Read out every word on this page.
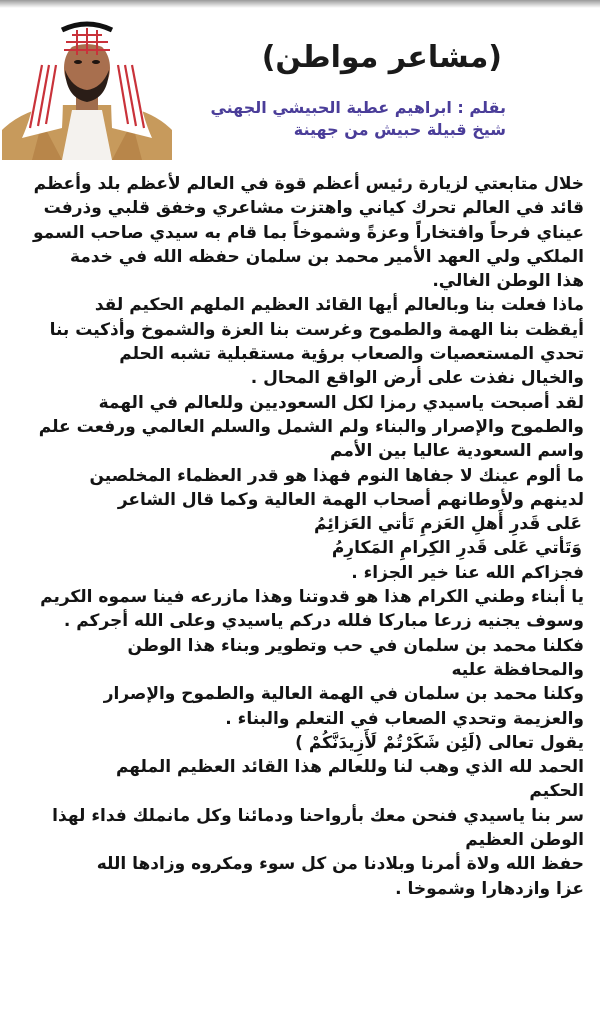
(مشاعر مواطن)
بقلم : ابراهيم عطية الحبيشي الجهني
شيخ قبيلة حبيش من جهينة
خلال متابعتي لزيارة رئيس أعظم قوة في العالم لأعظم بلد وأعظم
قائد في العالم تحرك كياني واهتزت مشاعري وخفق قلبي وذرفت
عيناي فرحاً وافتخاراً وعزةً وشموخاً بما قام به سيدي صاحب السمو
الملكي ولي العهد الأمير محمد بن سلمان حفظه الله في خدمة
هذا الوطن الغالي.
ماذا فعلت بنا وبالعالم أيها القائد العظيم الملهم الحكيم لقد
أيقظت بنا الهمة والطموح وغرست بنا العزة والشموخ وأذكيت بنا
تحدي المستعصيات والصعاب برؤية مستقبلية تشبه الحلم
والخيال نفذت على أرض الواقع المحال .
لقد أصبحت ياسيدي رمزا لكل السعوديين وللعالم في الهمة
والطموح والإصرار والبناء ولم الشمل والسلم العالمي ورفعت علم
واسم السعودية عاليا بين الأمم
ما ألوم عينك لا جفاها النوم فهذا هو قدر العظماء المخلصين
لدينهم ولأوطانهم أصحاب الهمة العالية وكما قال الشاعر
عَلى قَدرِ أَهلِ العَزمِ تَأتي العَزائِمُ
وَتَأتي عَلى قَدرِ الكِرامِ المَكارِمُ
فجزاكم الله عنا خير الجزاء .
يا أبناء وطني الكرام هذا هو قدوتنا وهذا مازرعه فينا سموه الكريم
وسوف يجنيه زرعا مباركا فلله دركم ياسيدي وعلى الله أجركم .
فكلنا محمد بن سلمان في حب وتطوير وبناء هذا الوطن
والمحافظة عليه
وكلنا محمد بن سلمان في الهمة العالية والطموح والإصرار
والعزيمة وتحدي الصعاب في التعلم والبناء .
يقول تعالى (لَئِن شَكَرْتُمْ لَأَزِيدَنَّكُمْ )
الحمد لله الذي وهب لنا وللعالم هذا القائد العظيم الملهم
الحكيم
سر بنا ياسيدي فنحن معك بأرواحنا ودمائنا وكل مانملك فداء لهذا
الوطن العظيم
حفظ الله ولاة أمرنا وبلادنا من كل سوء ومكروه وزادها الله
عزا وازدهارا وشموخا .
